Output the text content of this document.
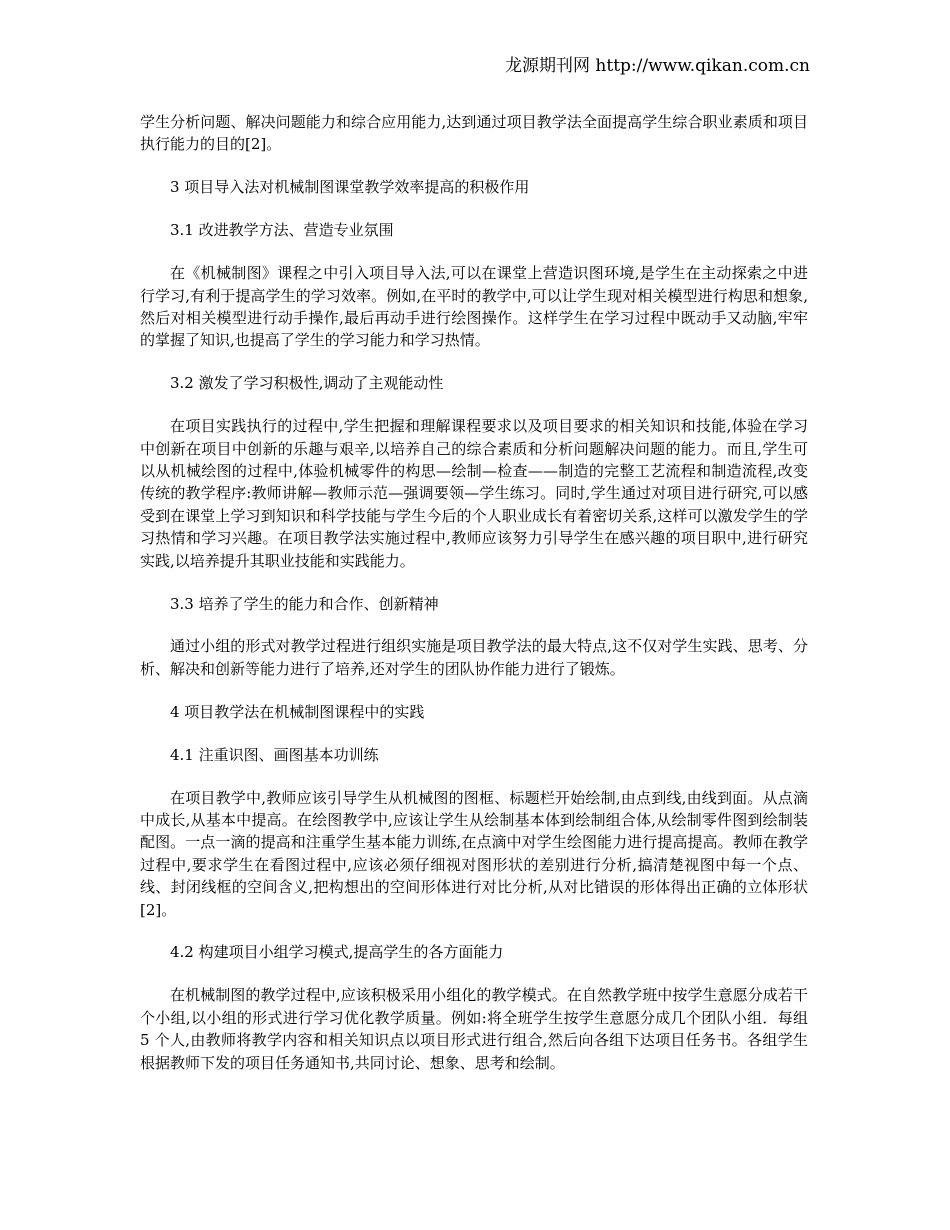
龙源期刊网 http://www.qikan.com.cn

学生分析问题、解决问题能力和综合应用能力,达到通过项目教学法全面提高学生综合职业素质和项目执行能力的目的[2]。

3 项目导入法对机械制图课堂教学效率提高的积极作用

3.1 改进教学方法、营造专业氛围

在《机械制图》课程之中引入项目导入法,可以在课堂上营造识图环境,是学生在主动探索之中进行学习,有利于提高学生的学习效率。例如,在平时的教学中,可以让学生现对相关模型进行构思和想象,然后对相关模型进行动手操作,最后再动手进行绘图操作。这样学生在学习过程中既动手又动脑,牢牢的掌握了知识,也提高了学生的学习能力和学习热情。

3.2 激发了学习积极性,调动了主观能动性

在项目实践执行的过程中,学生把握和理解课程要求以及项目要求的相关知识和技能,体验在学习中创新在项目中创新的乐趣与艰辛,以培养自己的综合素质和分析问题解决问题的能力。而且,学生可以从机械绘图的过程中,体验机械零件的构思—绘制—检查——制造的完整工艺流程和制造流程,改变传统的教学程序:教师讲解—教师示范—强调要领—学生练习。同时,学生通过对项目进行研究,可以感受到在课堂上学习到知识和科学技能与学生今后的个人职业成长有着密切关系,这样可以激发学生的学习热情和学习兴趣。在项目教学法实施过程中,教师应该努力引导学生在感兴趣的项目职中,进行研究实践,以培养提升其职业技能和实践能力。

3.3 培养了学生的能力和合作、创新精神

通过小组的形式对教学过程进行组织实施是项目教学法的最大特点,这不仅对学生实践、思考、分析、解决和创新等能力进行了培养,还对学生的团队协作能力进行了锻炼。

4 项目教学法在机械制图课程中的实践

4.1 注重识图、画图基本功训练

在项目教学中,教师应该引导学生从机械图的图框、标题栏开始绘制,由点到线,由线到面。从点滴中成长,从基本中提高。在绘图教学中,应该让学生从绘制基本体到绘制组合体,从绘制零件图到绘制装配图。一点一滴的提高和注重学生基本能力训练,在点滴中对学生绘图能力进行提高提高。教师在教学过程中,要求学生在看图过程中,应该必须仔细视对图形状的差别进行分析,搞清楚视图中每一个点、线、封闭线框的空间含义,把构想出的空间形体进行对比分析,从对比错误的形体得出正确的立体形状[2]。

4.2 构建项目小组学习模式,提高学生的各方面能力

在机械制图的教学过程中,应该积极采用小组化的教学模式。在自然教学班中按学生意愿分成若干个小组,以小组的形式进行学习优化教学质量。例如:将全班学生按学生意愿分成几个团队小组．每组 5 个人,由教师将教学内容和相关知识点以项目形式进行组合,然后向各组下达项目任务书。各组学生根据教师下发的项目任务通知书,共同讨论、想象、思考和绘制。
